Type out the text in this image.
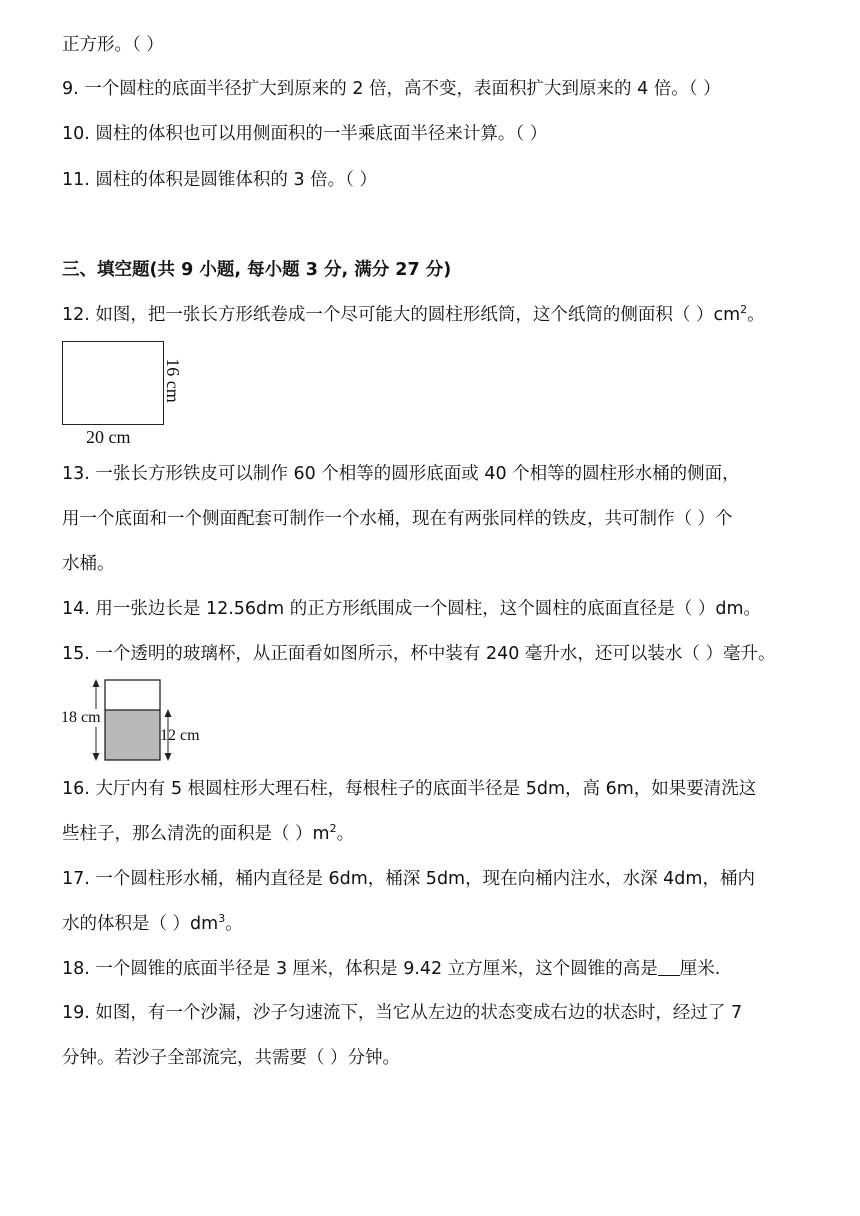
正方形。（ ）
9. 一个圆柱的底面半径扩大到原来的 2 倍，高不变，表面积扩大到原来的 4 倍。（ ）
10. 圆柱的体积也可以用侧面积的一半乘底面半径来计算。（ ）
11. 圆柱的体积是圆锥体积的 3 倍。（ ）
三、填空题(共 9 小题, 每小题 3 分, 满分 27 分)
12. 如图，把一张长方形纸卷成一个尽可能大的圆柱形纸筒，这个纸筒的侧面积（ ）$cm^2$。
16 cm
20 cm
13. 一张长方形铁皮可以制作 60 个相等的圆形底面或 40 个相等的圆柱形水桶的侧面，
用一个底面和一个侧面配套可制作一个水桶，现在有两张同样的铁皮，共可制作（ ）个
水桶。
14. 用一张边长是 12.56dm 的正方形纸围成一个圆柱，这个圆柱的底面直径是（ ）dm。
15. 一个透明的玻璃杯，从正面看如图所示，杯中装有 240 毫升水，还可以装水（ ）毫升。
18 cm
12 cm
16. 大厅内有 5 根圆柱形大理石柱，每根柱子的底面半径是 5dm，高 6m，如果要清洗这
些柱子，那么清洗的面积是（ ）$m^2$。
17. 一个圆柱形水桶，桶内直径是 6dm，桶深 5dm，现在向桶内注水，水深 4dm，桶内
水的体积是（ ）$dm^3$。
18. 一个圆锥的底面半径是 3 厘米，体积是 9.42 立方厘米，这个圆锥的高是 厘米.
19. 如图，有一个沙漏，沙子匀速流下，当它从左边的状态变成右边的状态时，经过了 7
分钟。若沙子全部流完，共需要（ ）分钟。
